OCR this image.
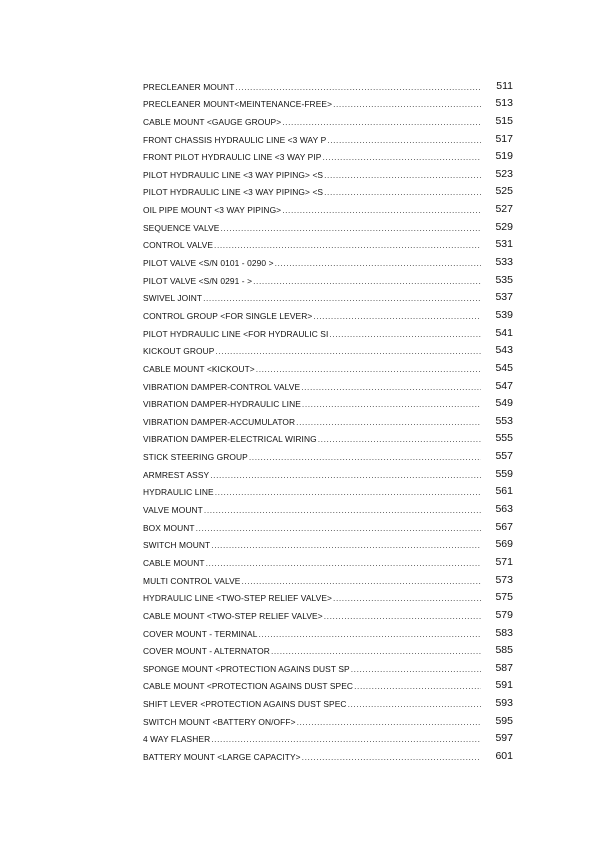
PRECLEANER MOUNT .....	511
PRECLEANER MOUNT<MEINTENANCE-FREE> .....	513
CABLE MOUNT <GAUGE GROUP> .....	515
FRONT CHASSIS HYDRAULIC LINE <3 WAY P .....	517
FRONT PILOT HYDRAULIC LINE <3 WAY PIP .....	519
PILOT HYDRAULIC LINE <3 WAY PIPING> <S .....	523
PILOT HYDRAULIC LINE <3 WAY PIPING> <S .....	525
OIL PIPE MOUNT <3 WAY PIPING> .....	527
SEQUENCE VALVE .....	529
CONTROL VALVE .....	531
PILOT VALVE <S/N 0101 - 0290 > .....	533
PILOT VALVE <S/N 0291 - > .....	535
SWIVEL JOINT .....	537
CONTROL GROUP <FOR SINGLE LEVER> .....	539
PILOT HYDRAULIC LINE <FOR HYDRAULIC SI .....	541
KICKOUT GROUP .....	543
CABLE MOUNT <KICKOUT> .....	545
VIBRATION DAMPER-CONTROL VALVE .....	547
VIBRATION DAMPER-HYDRAULIC LINE .....	549
VIBRATION DAMPER-ACCUMULATOR .....	553
VIBRATION DAMPER-ELECTRICAL WIRING .....	555
STICK STEERING GROUP .....	557
ARMREST ASSY .....	559
HYDRAULIC LINE .....	561
VALVE MOUNT .....	563
BOX MOUNT .....	567
SWITCH MOUNT .....	569
CABLE MOUNT .....	571
MULTI CONTROL VALVE .....	573
HYDRAULIC LINE <TWO-STEP RELIEF VALVE> .....	575
CABLE MOUNT <TWO-STEP RELIEF VALVE> .....	579
COVER MOUNT - TERMINAL .....	583
COVER MOUNT - ALTERNATOR .....	585
SPONGE MOUNT <PROTECTION AGAINS DUST SP .....	587
CABLE MOUNT <PROTECTION AGAINS DUST SPEC .....	591
SHIFT LEVER <PROTECTION AGAINS DUST SPEC .....	593
SWITCH MOUNT <BATTERY ON/OFF> .....	595
4 WAY FLASHER .....	597
BATTERY MOUNT <LARGE CAPACITY> .....	601
